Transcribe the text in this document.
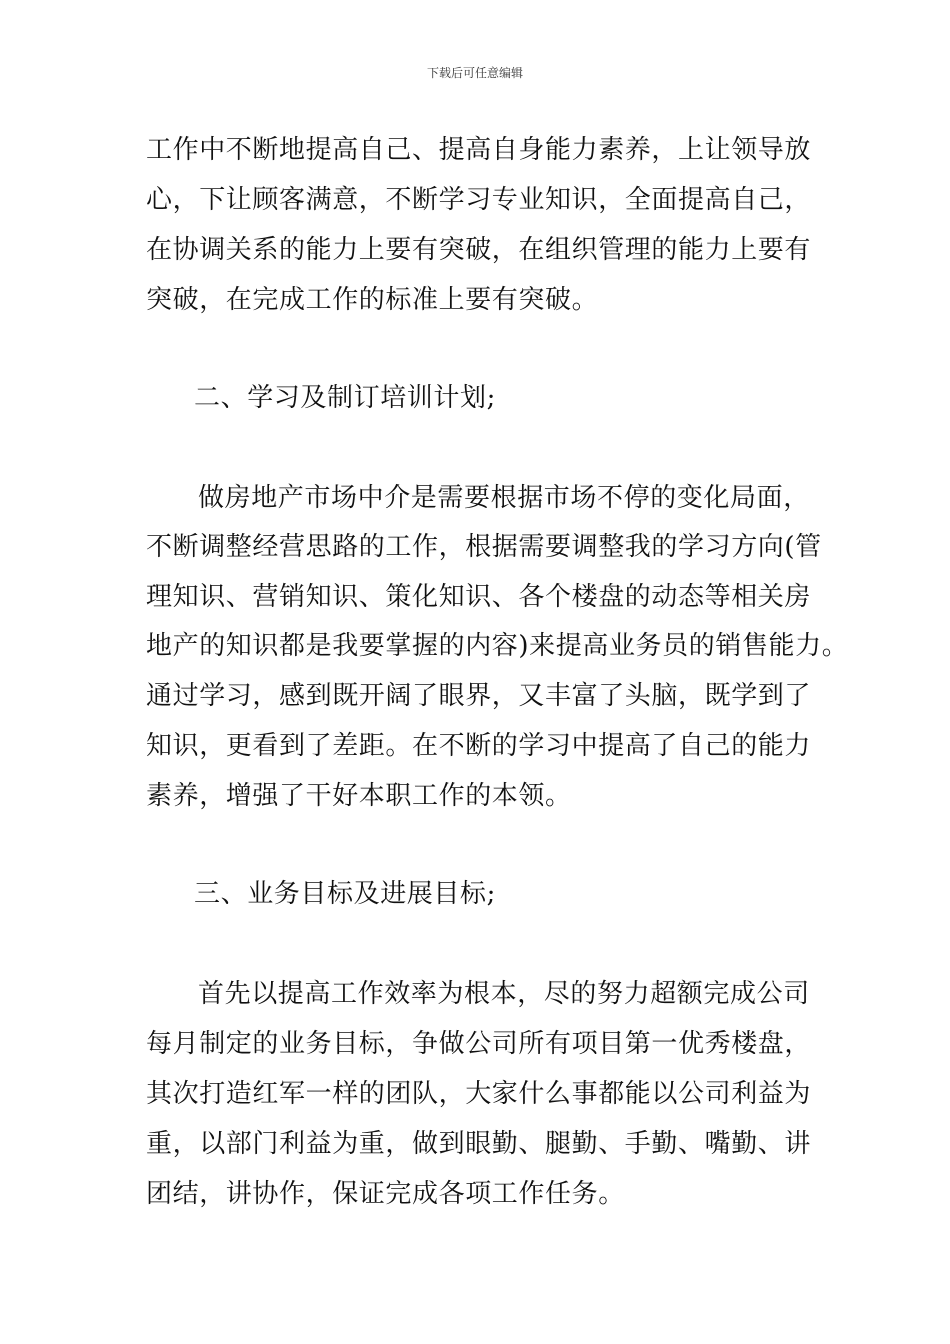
下载后可任意编辑
工作中不断地提高自己、提高自身能力素养，上让领导放
心，下让顾客满意，不断学习专业知识，全面提高自己，
在协调关系的能力上要有突破，在组织管理的能力上要有
突破，在完成工作的标准上要有突破。
二、学习及制订培训计划;
做房地产市场中介是需要根据市场不停的变化局面，
不断调整经营思路的工作，根据需要调整我的学习方向(管
理知识、营销知识、策化知识、各个楼盘的动态等相关房
地产的知识都是我要掌握的内容)来提高业务员的销售能力。
通过学习，感到既开阔了眼界，又丰富了头脑，既学到了
知识，更看到了差距。在不断的学习中提高了自己的能力
素养，增强了干好本职工作的本领。
三、业务目标及进展目标;
首先以提高工作效率为根本，尽的努力超额完成公司
每月制定的业务目标，争做公司所有项目第一优秀楼盘，
其次打造红军一样的团队，大家什么事都能以公司利益为
重，以部门利益为重，做到眼勤、腿勤、手勤、嘴勤、讲
团结，讲协作，保证完成各项工作任务。
